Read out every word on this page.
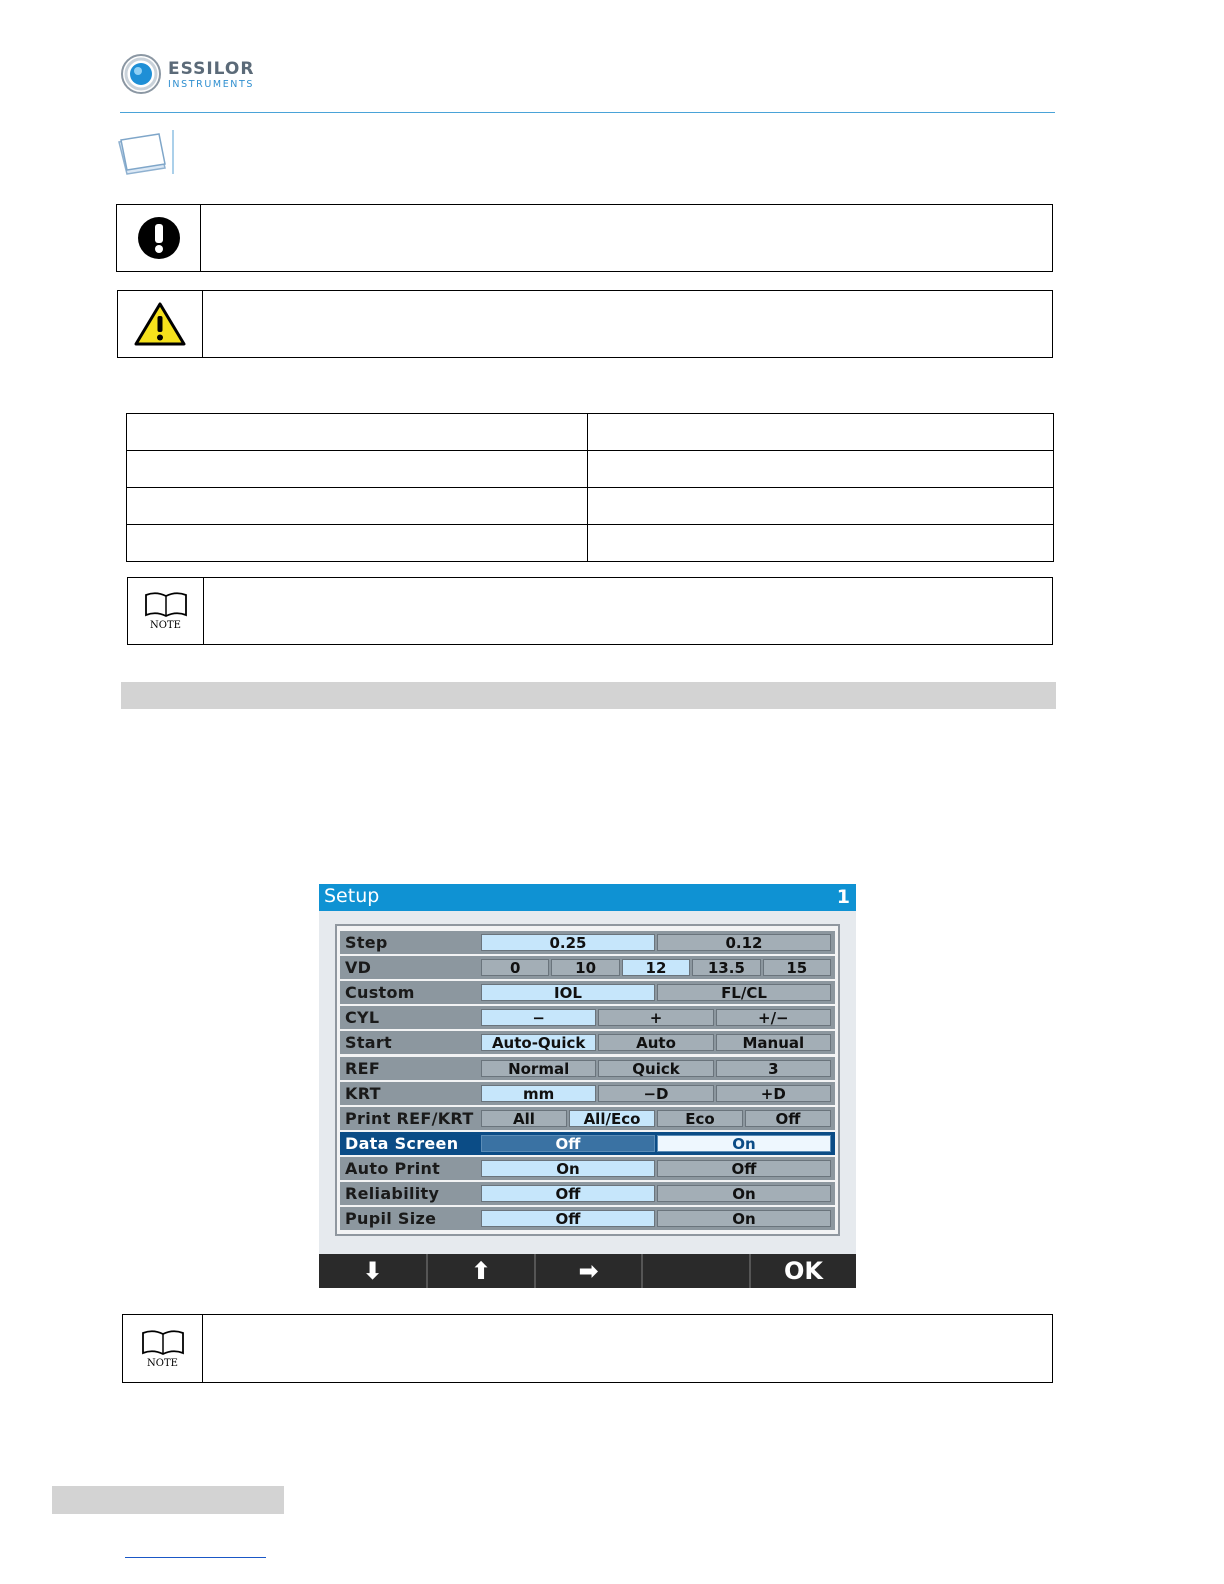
ESSILOR
INSTRUMENTS

NOTE
Setup	1
Step	0.25	0.12
VD	0	10	12	13.5	15
Custom	IOL	FL/CL
CYL	−	+	+/−
Start	Auto-Quick	Auto	Manual
REF	Normal	Quick	3
KRT	mm	−D	+D
Print REF/KRT	All	All/Eco	Eco	Off
Data Screen	Off	On
Auto Print	On	Off
Reliability	Off	On
Pupil Size	Off	On
⬇	⬆	➡	OK
NOTE
